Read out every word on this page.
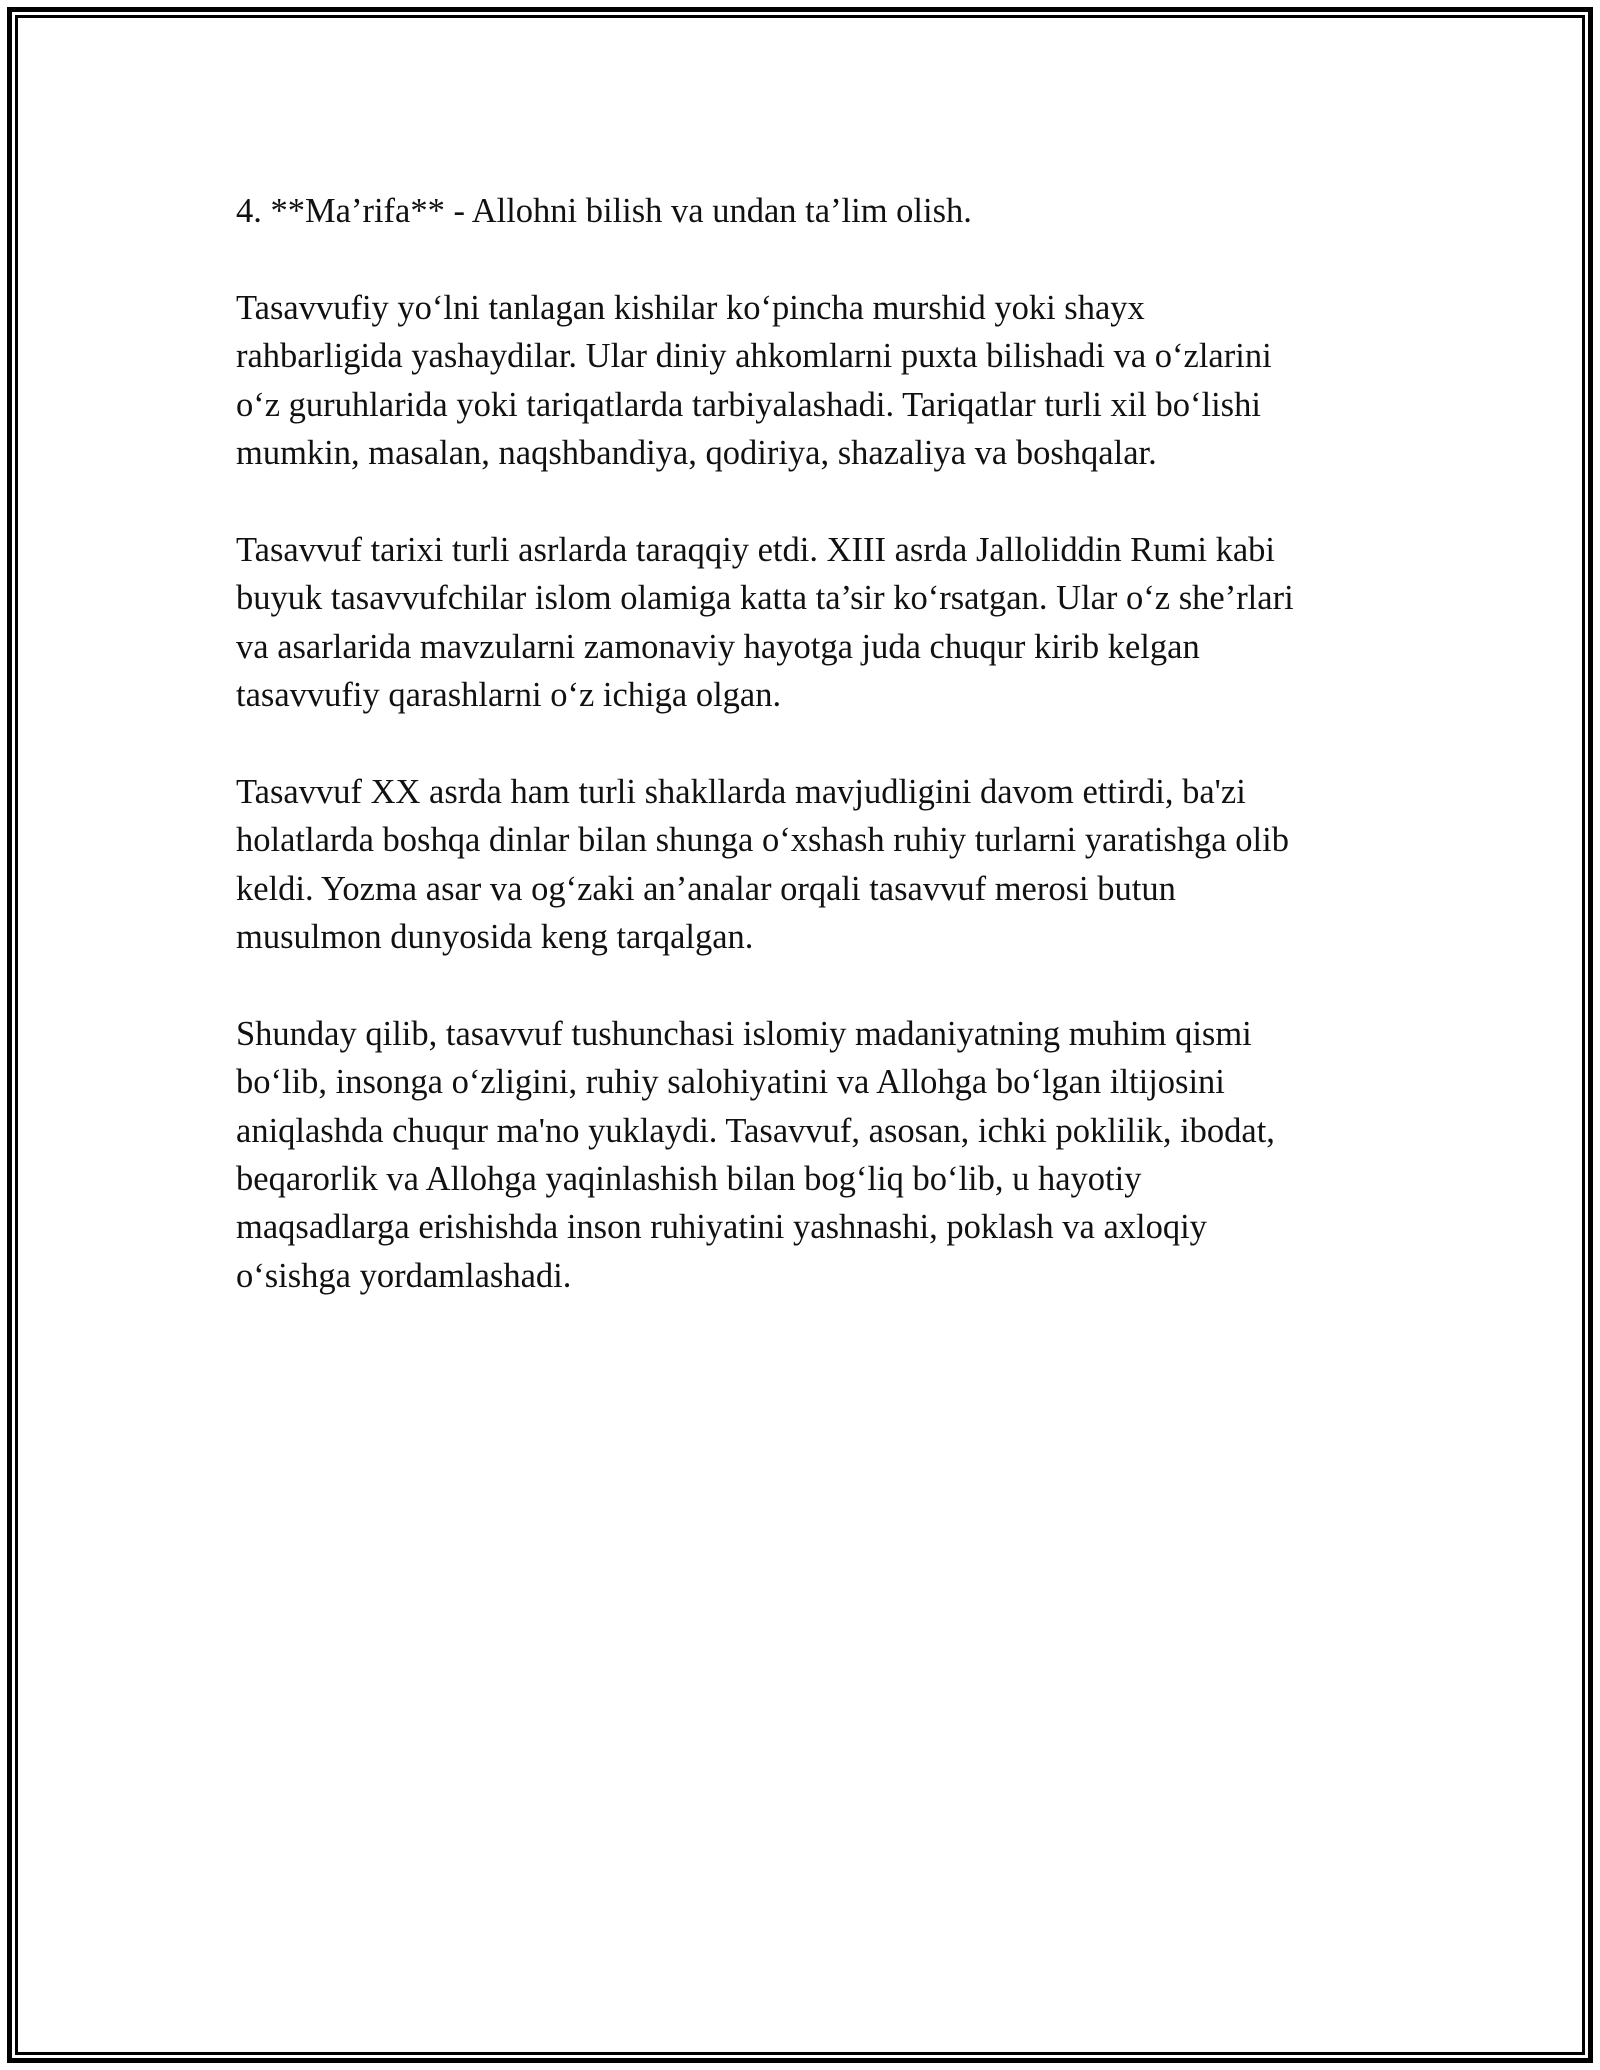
4. **Ma’rifa** - Allohni bilish va undan ta’lim olish.

Tasavvufiy yo‘lni tanlagan kishilar ko‘pincha murshid yoki shayx
rahbarligida yashaydilar. Ular diniy ahkomlarni puxta bilishadi va o‘zlarini
o‘z guruhlarida yoki tariqatlarda tarbiyalashadi. Tariqatlar turli xil bo‘lishi
mumkin, masalan, naqshbandiya, qodiriya, shazaliya va boshqalar.

Tasavvuf tarixi turli asrlarda taraqqiy etdi. XIII asrda Jalloliddin Rumi kabi
buyuk tasavvufchilar islom olamiga katta ta’sir ko‘rsatgan. Ular o‘z she’rlari
va asarlarida mavzularni zamonaviy hayotga juda chuqur kirib kelgan
tasavvufiy qarashlarni o‘z ichiga olgan.

Tasavvuf XX asrda ham turli shakllarda mavjudligini davom ettirdi, ba'zi
holatlarda boshqa dinlar bilan shunga o‘xshash ruhiy turlarni yaratishga olib
keldi. Yozma asar va og‘zaki an’analar orqali tasavvuf merosi butun
musulmon dunyosida keng tarqalgan.

Shunday qilib, tasavvuf tushunchasi islomiy madaniyatning muhim qismi
bo‘lib, insonga o‘zligini, ruhiy salohiyatini va Allohga bo‘lgan iltijosini
aniqlashda chuqur ma'no yuklaydi. Tasavvuf, asosan, ichki poklilik, ibodat,
beqarorlik va Allohga yaqinlashish bilan bog‘liq bo‘lib, u hayotiy
maqsadlarga erishishda inson ruhiyatini yashnashi, poklash va axloqiy
o‘sishga yordamlashadi.
